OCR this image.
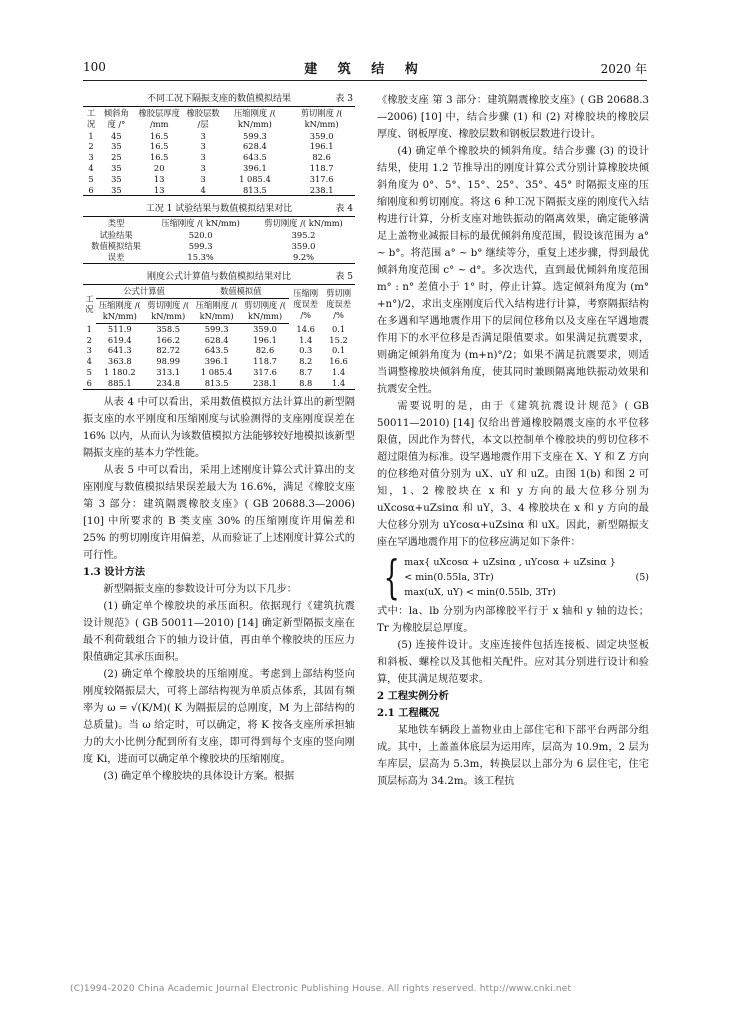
100	建 筑 结 构	2020 年
不同工况下隔振支座的数值模拟结果	表 3
工况	倾斜角度 /°	橡胶层厚度 /mm	橡胶层数 /层	压缩刚度 /( kN/mm)	剪切刚度 /( kN/mm)
1	45	16.5	3	599.3	359.0
2	35	16.5	3	628.4	196.1
3	25	16.5	3	643.5	82.6
4	35	20	3	396.1	118.7
5	35	13	3	1 085.4	317.6
6	35	13	4	813.5	238.1
工况 1 试验结果与数值模拟结果对比	表 4
类型	压缩刚度 /( kN/mm)	剪切刚度 /( kN/mm)
试验结果	520.0	395.2
数值模拟结果	599.3	359.0
误差	15.3%	9.2%
刚度公式计算值与数值模拟结果对比	表 5
工况	公式计算值		数值模拟值		压缩刚度误差 /%	剪切刚度误差 /%
	压缩刚度 /( kN/mm)	剪切刚度 /( kN/mm)	压缩刚度 /( kN/mm)	剪切刚度 /( kN/mm)		
1	511.9	358.5	599.3	359.0	14.6	0.1
2	619.4	166.2	628.4	196.1	1.4	15.2
3	641.3	82.72	643.5	82.6	0.3	0.1
4	363.8	98.99	396.1	118.7	8.2	16.6
5	1 180.2	313.1	1 085.4	317.6	8.7	1.4
6	885.1	234.8	813.5	238.1	8.8	1.4

从表 4 中可以看出，采用数值模拟方法计算出的新型隔振支座的水平刚度和压缩刚度与试验测得的支座刚度误差在 16% 以内，从而认为该数值模拟方法能够较好地模拟该新型隔振支座的基本力学性能。

从表 5 中可以看出，采用上述刚度计算公式计算出的支座刚度与数值模拟结果误差最大为 16.6%，满足《橡胶支座 第 3 部分：建筑隔震橡胶支座》( GB 20688.3—2006) [10] 中所要求的 B 类支座 30% 的压缩刚度许用偏差和 25% 的剪切刚度许用偏差，从而验证了上述刚度计算公式的可行性。

1.3 设计方法

新型隔振支座的参数设计可分为以下几步：

(1) 确定单个橡胶块的承压面积。依据现行《建筑抗震设计规范》( GB 50011—2010) [14] 确定新型隔振支座在最不利荷载组合下的轴力设计值，再由单个橡胶块的压应力限值确定其承压面积。

(2) 确定单个橡胶块的压缩刚度。考虑到上部结构竖向刚度较隔振层大，可将上部结构视为单质点体系，其固有频率为 ω = √(K/M)( K 为隔振层的总刚度，M 为上部结构的总质量)。当 ω 给定时，可以确定，将 K 按各支座所承担轴力的大小比例分配到所有支座，即可得到每个支座的竖向刚度 Ki，进而可以确定单个橡胶块的压缩刚度。

(3) 确定单个橡胶块的具体设计方案。根据

《橡胶支座 第 3 部分：建筑隔震橡胶支座》( GB 20688.3—2006) [10] 中，结合步骤 (1) 和 (2) 对橡胶块的橡胶层厚度、钢板厚度、橡胶层数和钢板层数进行设计。

(4) 确定单个橡胶块的倾斜角度。结合步骤 (3) 的设计结果，使用 1.2 节推导出的刚度计算公式分别计算橡胶块倾斜角度为 0°、5°、15°、25°、35°、45° 时隔振支座的压缩刚度和剪切刚度。将这 6 种工况下隔振支座的刚度代入结构进行计算，分析支座对地铁振动的隔离效果，确定能够满足上盖物业减振目标的最优倾斜角度范围，假设该范围为 a° ~ b°。将范围 a° ~ b° 继续等分，重复上述步骤，得到最优倾斜角度范围 c° ~ d°。多次迭代，直到最优倾斜角度范围 m° : n° 差值小于 1° 时，停止计算。选定倾斜角度为 (m°+n°)/2，求出支座刚度后代入结构进行计算，考察隔振结构在多遇和罕遇地震作用下的层间位移角以及支座在罕遇地震作用下的水平位移是否满足限值要求。如果满足抗震要求，则确定倾斜角度为 (m+n)°/2；如果不满足抗震要求，则适当调整橡胶块倾斜角度，使其同时兼顾隔离地铁振动效果和抗震安全性。

需要说明的是，由于《建筑抗震设计规范》( GB 50011—2010) [14] 仅给出普通橡胶隔震支座的水平位移限值，因此作为替代，本文以控制单个橡胶块的剪切位移不超过限值为标准。设罕遇地震作用下支座在 X、Y 和 Z 方向的位移绝对值分别为 uX、uY 和 uZ。由图 1(b) 和图 2 可知，1、2 橡胶块在 x 和 y 方向的最大位移分别为 uXcosα+uZsinα 和 uY，3、4 橡胶块在 x 和 y 方向的最大位移分别为 uYcosα+uZsinα 和 uX。因此，新型隔振支座在罕遇地震作用下的位移应满足如下条件：

{ max{ uXcosα + uZsinα , uYcosα + uZsinα } < min(0.55la, 3Tr)
max(uX, uY) < min(0.55lb, 3Tr)
(5)

式中：la、lb 分别为内部橡胶平行于 x 轴和 y 轴的边长；Tr 为橡胶层总厚度。

(5) 连接件设计。支座连接件包括连接板、固定块竖板和斜板、螺栓以及其他相关配件。应对其分别进行设计和验算，使其满足规范要求。

2 工程实例分析

2.1 工程概况

某地铁车辆段上盖物业由上部住宅和下部平台两部分组成。其中，上盖盖体底层为运用库，层高为 10.9m，2 层为车库层，层高为 5.3m，转换层以上部分为 6 层住宅，住宅顶层标高为 34.2m。该工程抗

(C)1994-2020 China Academic Journal Electronic Publishing House. All rights reserved. http://www.cnki.net
